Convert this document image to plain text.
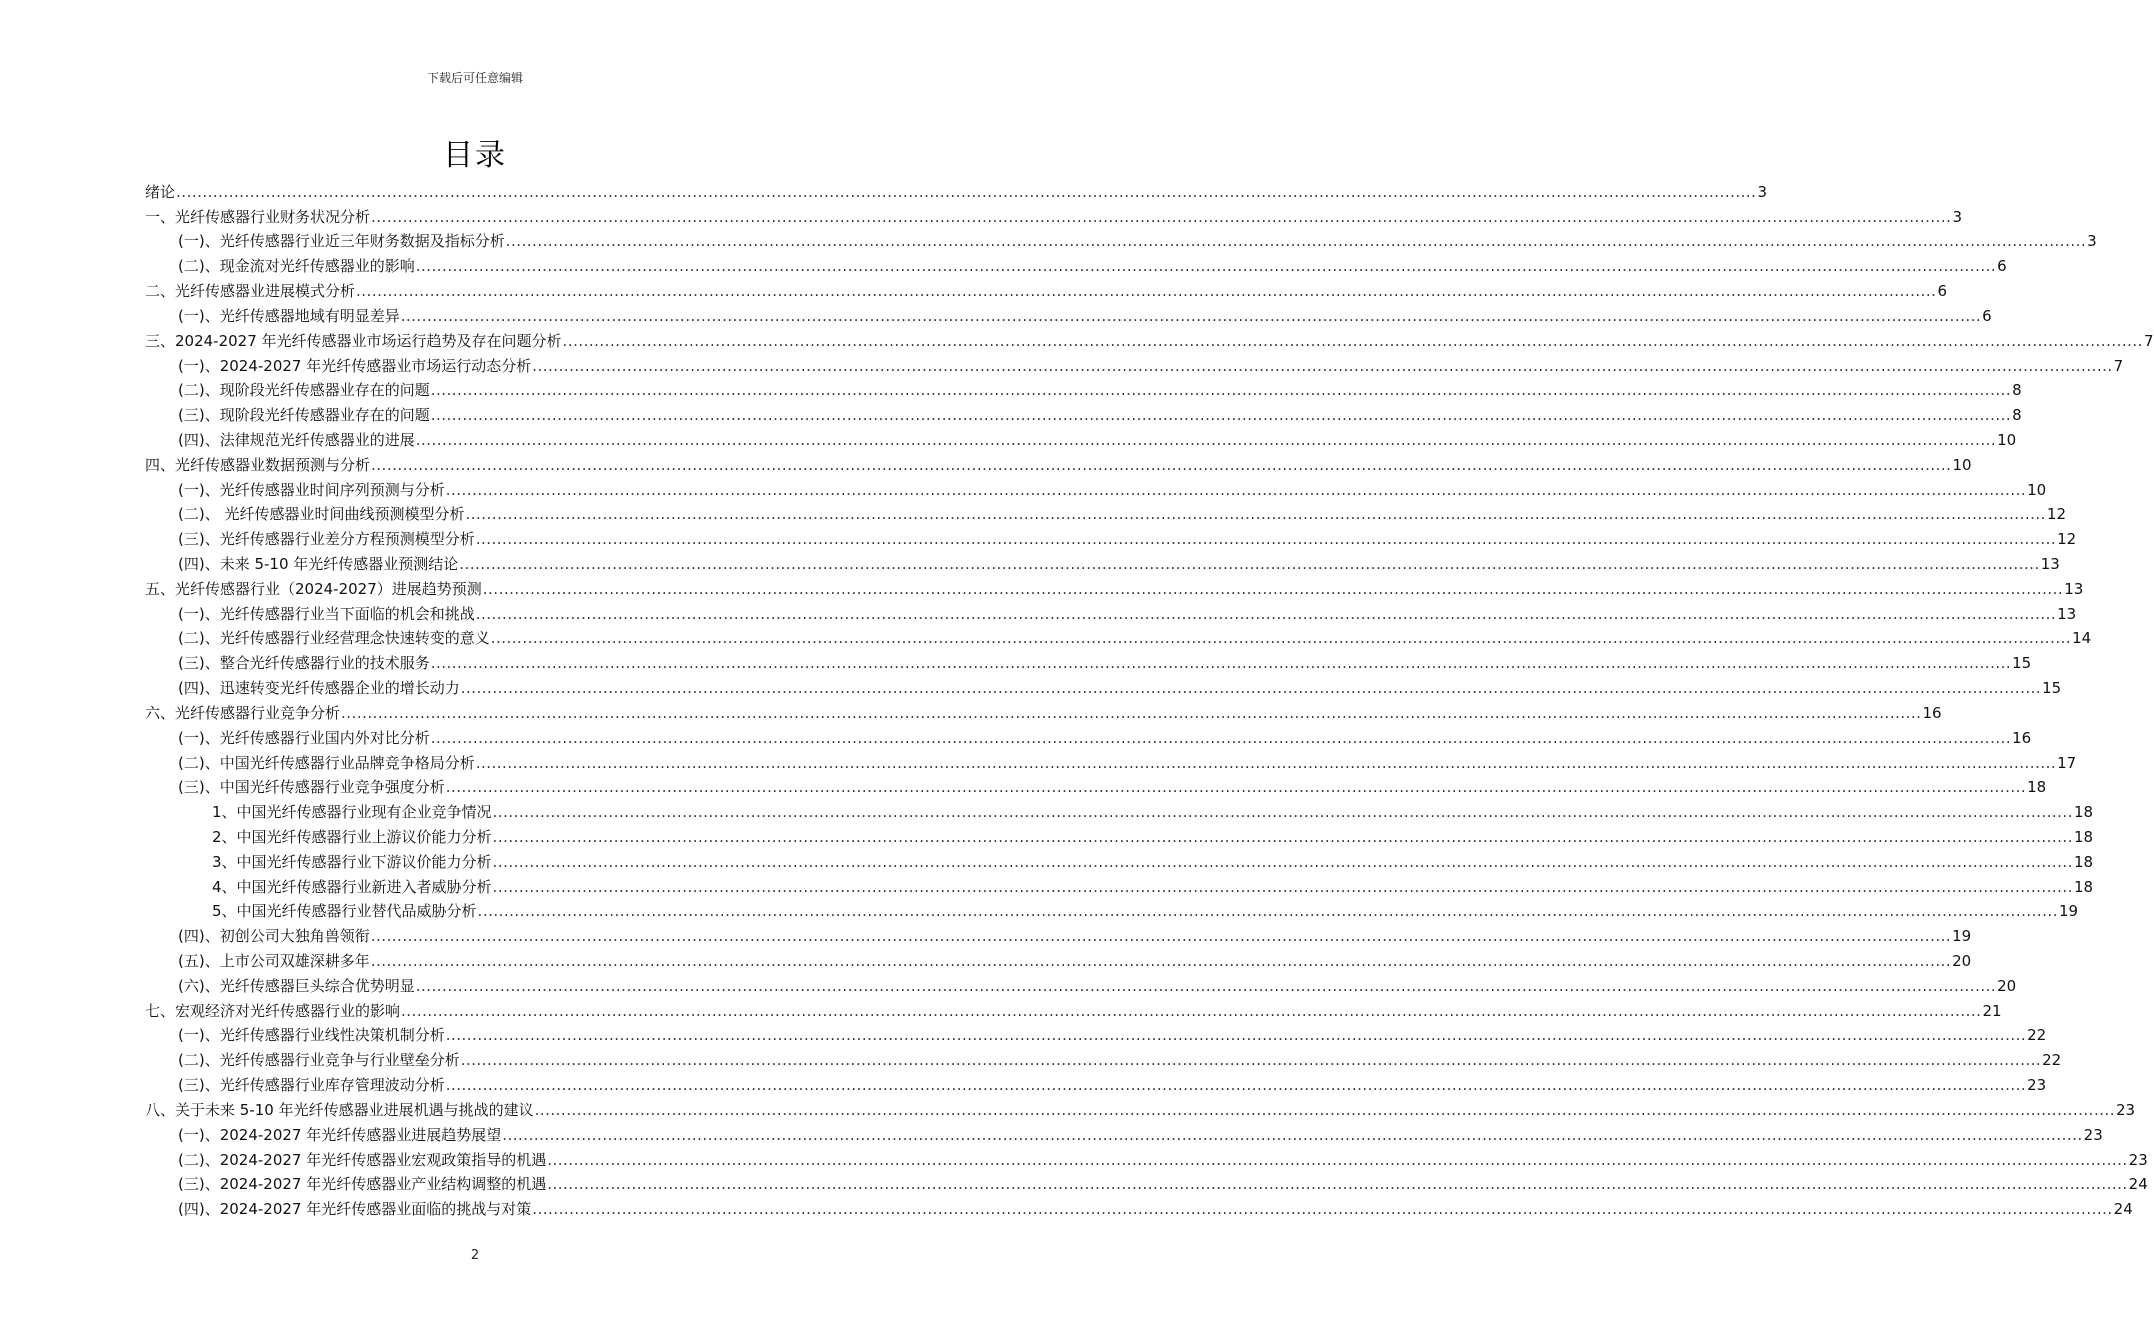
下载后可任意编辑
目录
绪论 ............................................................................................................................................................................................................................................................................................................ 3
一、光纤传感器行业财务状况分析 ............................................................................................................................................................................................................................................................................................................ 3
(一)、光纤传感器行业近三年财务数据及指标分析 ............................................................................................................................................................................................................................................................................................................ 3
(二)、现金流对光纤传感器业的影响 ............................................................................................................................................................................................................................................................................................................ 6
二、光纤传感器业进展模式分析 ............................................................................................................................................................................................................................................................................................................ 6
(一)、光纤传感器地域有明显差异 ............................................................................................................................................................................................................................................................................................................ 6
三、2024-2027 年光纤传感器业市场运行趋势及存在问题分析 ............................................................................................................................................................................................................................................................................................................ 7
(一)、2024-2027 年光纤传感器业市场运行动态分析 ............................................................................................................................................................................................................................................................................................................ 7
(二)、现阶段光纤传感器业存在的问题 ............................................................................................................................................................................................................................................................................................................ 8
(三)、现阶段光纤传感器业存在的问题 ............................................................................................................................................................................................................................................................................................................ 8
(四)、法律规范光纤传感器业的进展 ............................................................................................................................................................................................................................................................................................................ 10
四、光纤传感器业数据预测与分析 ............................................................................................................................................................................................................................................................................................................ 10
(一)、光纤传感器业时间序列预测与分析 ............................................................................................................................................................................................................................................................................................................ 10
(二)、 光纤传感器业时间曲线预测模型分析 ............................................................................................................................................................................................................................................................................................................ 12
(三)、光纤传感器行业差分方程预测模型分析 ............................................................................................................................................................................................................................................................................................................ 12
(四)、未来 5-10 年光纤传感器业预测结论 ............................................................................................................................................................................................................................................................................................................ 13
五、光纤传感器行业（2024-2027）进展趋势预测 ............................................................................................................................................................................................................................................................................................................ 13
(一)、光纤传感器行业当下面临的机会和挑战 ............................................................................................................................................................................................................................................................................................................ 13
(二)、光纤传感器行业经营理念快速转变的意义 ............................................................................................................................................................................................................................................................................................................ 14
(三)、整合光纤传感器行业的技术服务 ............................................................................................................................................................................................................................................................................................................ 15
(四)、迅速转变光纤传感器企业的增长动力 ............................................................................................................................................................................................................................................................................................................ 15
六、光纤传感器行业竞争分析 ............................................................................................................................................................................................................................................................................................................ 16
(一)、光纤传感器行业国内外对比分析 ............................................................................................................................................................................................................................................................................................................ 16
(二)、中国光纤传感器行业品牌竞争格局分析 ............................................................................................................................................................................................................................................................................................................ 17
(三)、中国光纤传感器行业竞争强度分析 ............................................................................................................................................................................................................................................................................................................ 18
1、中国光纤传感器行业现有企业竞争情况 ............................................................................................................................................................................................................................................................................................................ 18
2、中国光纤传感器行业上游议价能力分析 ............................................................................................................................................................................................................................................................................................................ 18
3、中国光纤传感器行业下游议价能力分析 ............................................................................................................................................................................................................................................................................................................ 18
4、中国光纤传感器行业新进入者威胁分析 ............................................................................................................................................................................................................................................................................................................ 18
5、中国光纤传感器行业替代品威胁分析 ............................................................................................................................................................................................................................................................................................................ 19
(四)、初创公司大独角兽领衔 ............................................................................................................................................................................................................................................................................................................ 19
(五)、上市公司双雄深耕多年 ............................................................................................................................................................................................................................................................................................................ 20
(六)、光纤传感器巨头综合优势明显 ............................................................................................................................................................................................................................................................................................................ 20
七、宏观经济对光纤传感器行业的影响 ............................................................................................................................................................................................................................................................................................................ 21
(一)、光纤传感器行业线性决策机制分析 ............................................................................................................................................................................................................................................................................................................ 22
(二)、光纤传感器行业竞争与行业壁垒分析 ............................................................................................................................................................................................................................................................................................................ 22
(三)、光纤传感器行业库存管理波动分析 ............................................................................................................................................................................................................................................................................................................ 23
八、关于未来 5-10 年光纤传感器业进展机遇与挑战的建议 ............................................................................................................................................................................................................................................................................................................ 23
(一)、2024-2027 年光纤传感器业进展趋势展望 ............................................................................................................................................................................................................................................................................................................ 23
(二)、2024-2027 年光纤传感器业宏观政策指导的机遇 ............................................................................................................................................................................................................................................................................................................ 23
(三)、2024-2027 年光纤传感器业产业结构调整的机遇 ............................................................................................................................................................................................................................................................................................................ 24
(四)、2024-2027 年光纤传感器业面临的挑战与对策 ............................................................................................................................................................................................................................................................................................................ 24
2
